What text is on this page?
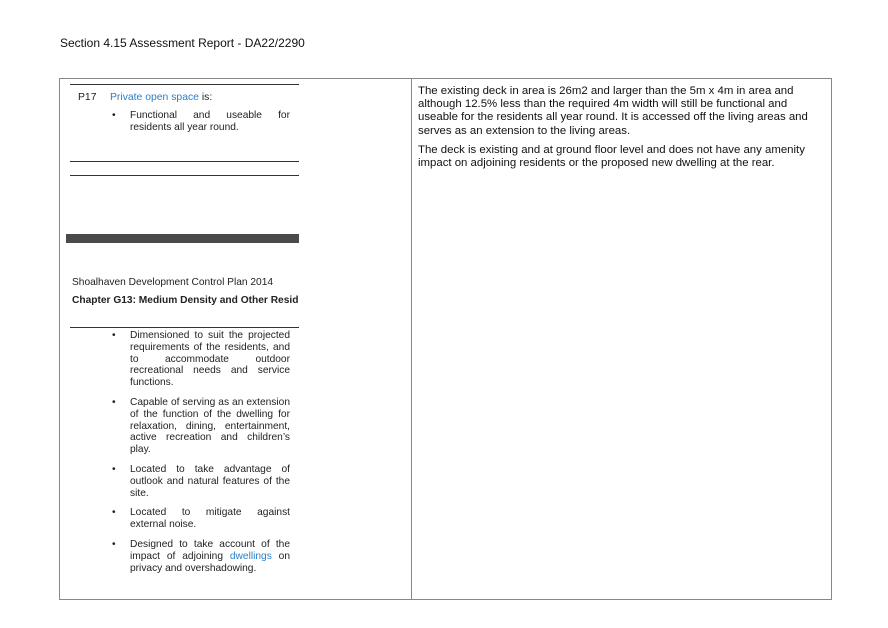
Section 4.15 Assessment Report - DA22/2290
P17 Private open space is:
• Functional and useable for residents all year round.
Shoalhaven Development Control Plan 2014
Chapter G13: Medium Density and Other Resid
• Dimensioned to suit the projected requirements of the residents, and to accommodate outdoor recreational needs and service functions.
• Capable of serving as an extension of the function of the dwelling for relaxation, dining, entertainment, active recreation and children’s play.
• Located to take advantage of outlook and natural features of the site.
• Located to mitigate against external noise.
• Designed to take account of the impact of adjoining dwellings on privacy and overshadowing.

The existing deck in area is 26m2 and larger than the 5m x 4m in area and although 12.5% less than the required 4m width will still be functional and useable for the residents all year round. It is accessed off the living areas and serves as an extension to the living areas.

The deck is existing and at ground floor level and does not have any amenity impact on adjoining residents or the proposed new dwelling at the rear.
